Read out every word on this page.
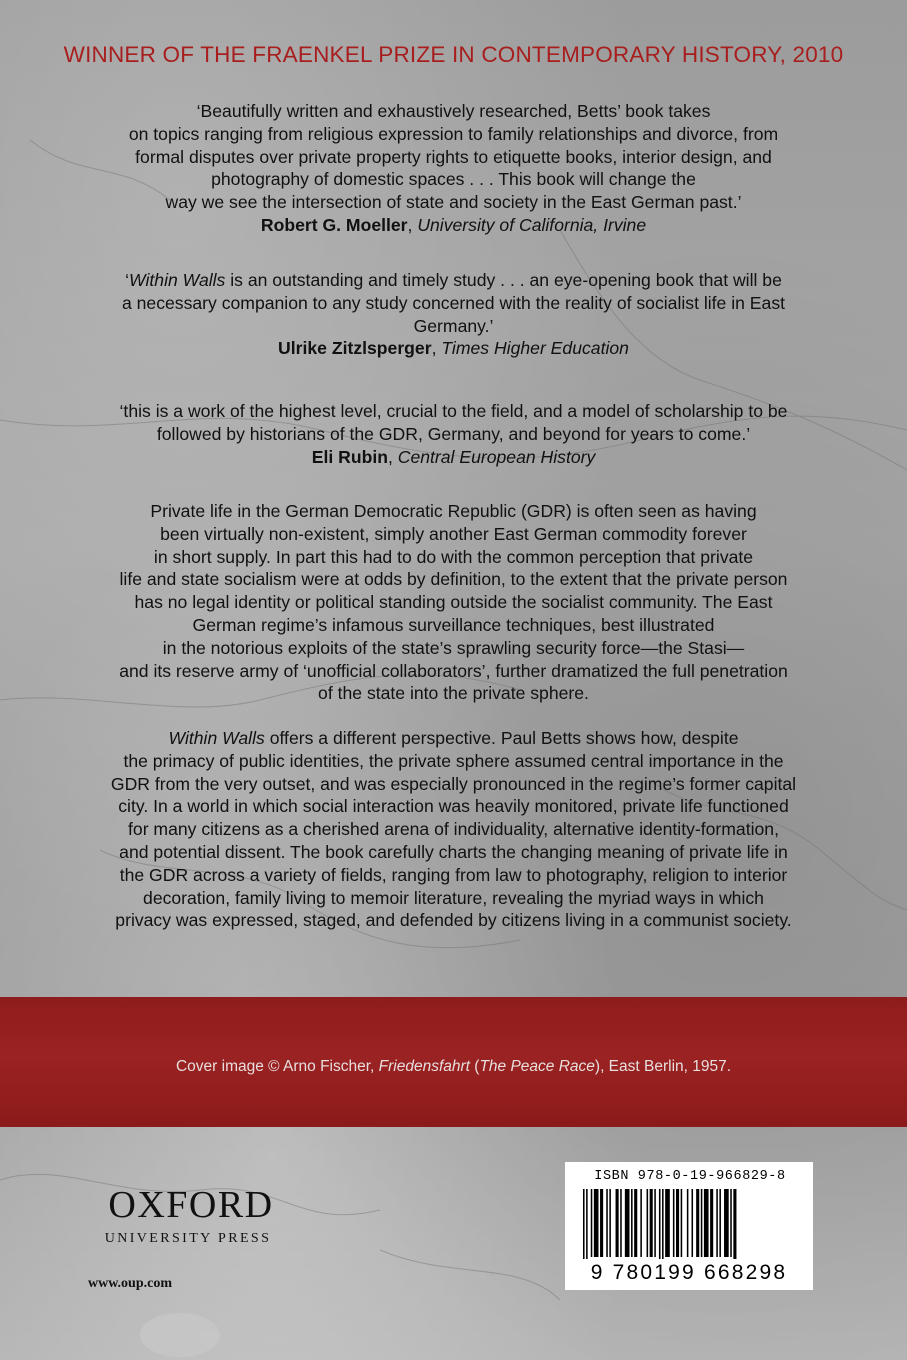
WINNER OF THE FRAENKEL PRIZE IN CONTEMPORARY HISTORY, 2010
‘Beautifully written and exhaustively researched, Betts’ book takes
on topics ranging from religious expression to family relationships and divorce, from
formal disputes over private property rights to etiquette books, interior design, and
photography of domestic spaces . . . This book will change the
way we see the intersection of state and society in the East German past.’
Robert G. Moeller, University of California, Irvine
‘Within Walls is an outstanding and timely study . . . an eye-opening book that will be
a necessary companion to any study concerned with the reality of socialist life in East
Germany.’
Ulrike Zitzlsperger, Times Higher Education
‘this is a work of the highest level, crucial to the field, and a model of scholarship to be
followed by historians of the GDR, Germany, and beyond for years to come.’
Eli Rubin, Central European History
Private life in the German Democratic Republic (GDR) is often seen as having
been virtually non-existent, simply another East German commodity forever
in short supply. In part this had to do with the common perception that private
life and state socialism were at odds by definition, to the extent that the private person
has no legal identity or political standing outside the socialist community. The East
German regime’s infamous surveillance techniques, best illustrated
in the notorious exploits of the state’s sprawling security force—the Stasi—
and its reserve army of ‘unofficial collaborators’, further dramatized the full penetration
of the state into the private sphere.
Within Walls offers a different perspective. Paul Betts shows how, despite
the primacy of public identities, the private sphere assumed central importance in the
GDR from the very outset, and was especially pronounced in the regime’s former capital
city. In a world in which social interaction was heavily monitored, private life functioned
for many citizens as a cherished arena of individuality, alternative identity-formation,
and potential dissent. The book carefully charts the changing meaning of private life in
the GDR across a variety of fields, ranging from law to photography, religion to interior
decoration, family living to memoir literature, revealing the myriad ways in which
privacy was expressed, staged, and defended by citizens living in a communist society.
Cover image © Arno Fischer, Friedensfahrt (The Peace Race), East Berlin, 1957.
OXFORD
UNIVERSITY PRESS
www.oup.com
ISBN 978-0-19-966829-8
9 780199 668298
